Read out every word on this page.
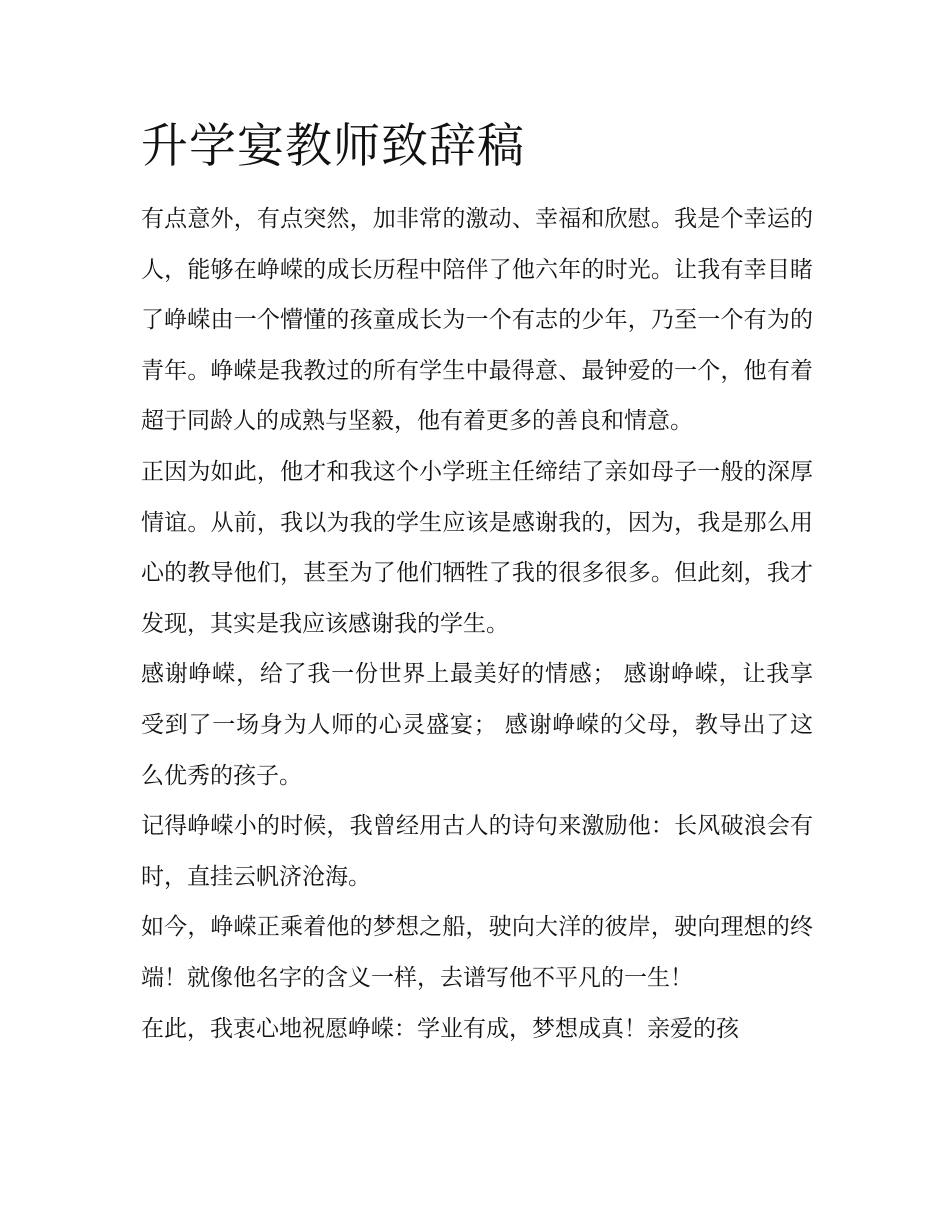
升学宴教师致辞稿

有点意外，有点突然，加非常的激动、幸福和欣慰。我是个幸运的人，能够在峥嵘的成长历程中陪伴了他六年的时光。让我有幸目睹了峥嵘由一个懵懂的孩童成长为一个有志的少年，乃至一个有为的青年。峥嵘是我教过的所有学生中最得意、最钟爱的一个，他有着超于同龄人的成熟与坚毅，他有着更多的善良和情意。

正因为如此，他才和我这个小学班主任缔结了亲如母子一般的深厚情谊。从前，我以为我的学生应该是感谢我的，因为，我是那么用心的教导他们，甚至为了他们牺牲了我的很多很多。但此刻，我才发现，其实是我应该感谢我的学生。

感谢峥嵘，给了我一份世界上最美好的情感； 感谢峥嵘，让我享受到了一场身为人师的心灵盛宴； 感谢峥嵘的父母，教导出了这么优秀的孩子。

记得峥嵘小的时候，我曾经用古人的诗句来激励他：长风破浪会有时，直挂云帆济沧海。

如今，峥嵘正乘着他的梦想之船，驶向大洋的彼岸，驶向理想的终端！就像他名字的含义一样，去谱写他不平凡的一生！

在此，我衷心地祝愿峥嵘：学业有成，梦想成真！亲爱的孩
